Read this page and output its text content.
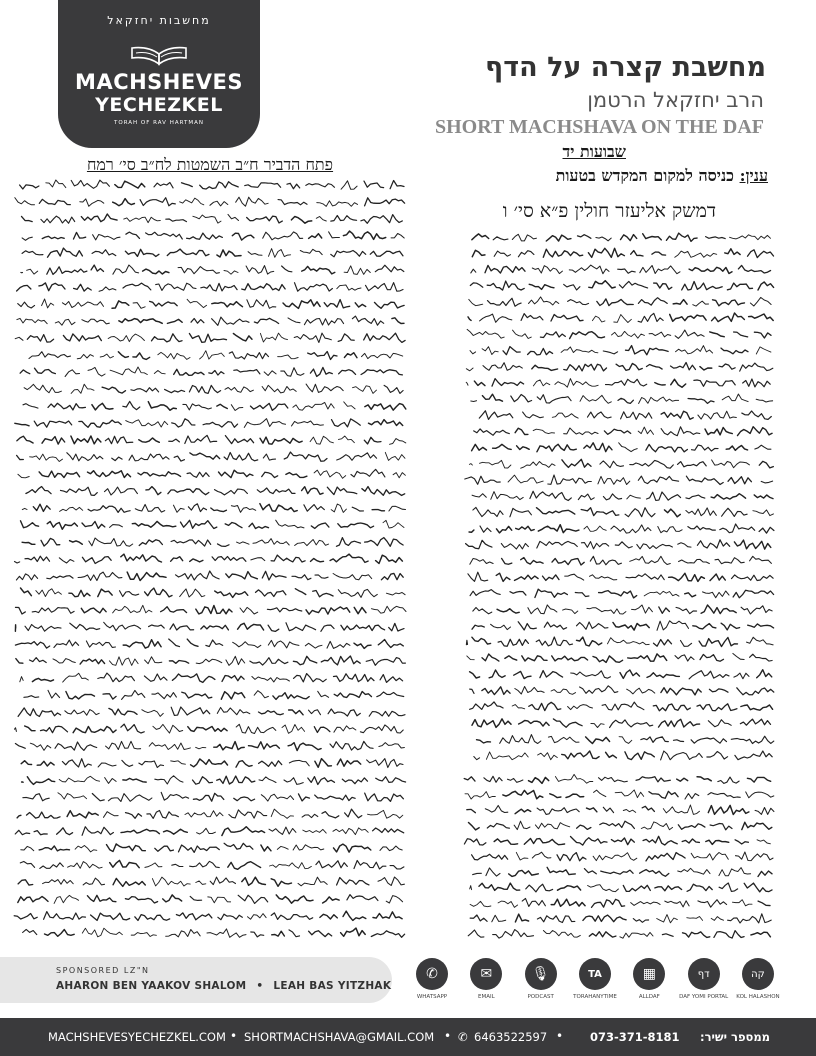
מחשבות יחזקאל
MACHSHEVES
YECHEZKEL
TORAH OF RAV HARTMAN
מחשבת קצרה על הדף
הרב יחזקאל הרטמן
SHORT MACHSHAVA ON THE DAF
שבועות יד
פתח הדביר ח״ב השמטות לח״ב סי׳ רמח
ענין: כניסה למקום המקדש בטעות
דמשק אליעזר חולין פ״א סי׳ ו
SPONSORED LZ"N
AHARON BEN YAAKOV SHALOM • LEAH BAS YITZHAK
✆
WHATSAPP
✉
EMAIL
🎙
PODCAST
TA
TORAHANYTIME
▦
ALLDAF
דף
DAF YOMI PORTAL
קה
KOL HALASHON
MACHSHEVESYECHEZKEL.COM • SHORTMACHSHAVA@GMAIL.COM • ✆ 6463522597 • 073-371-8181 ממספר ישיר:
